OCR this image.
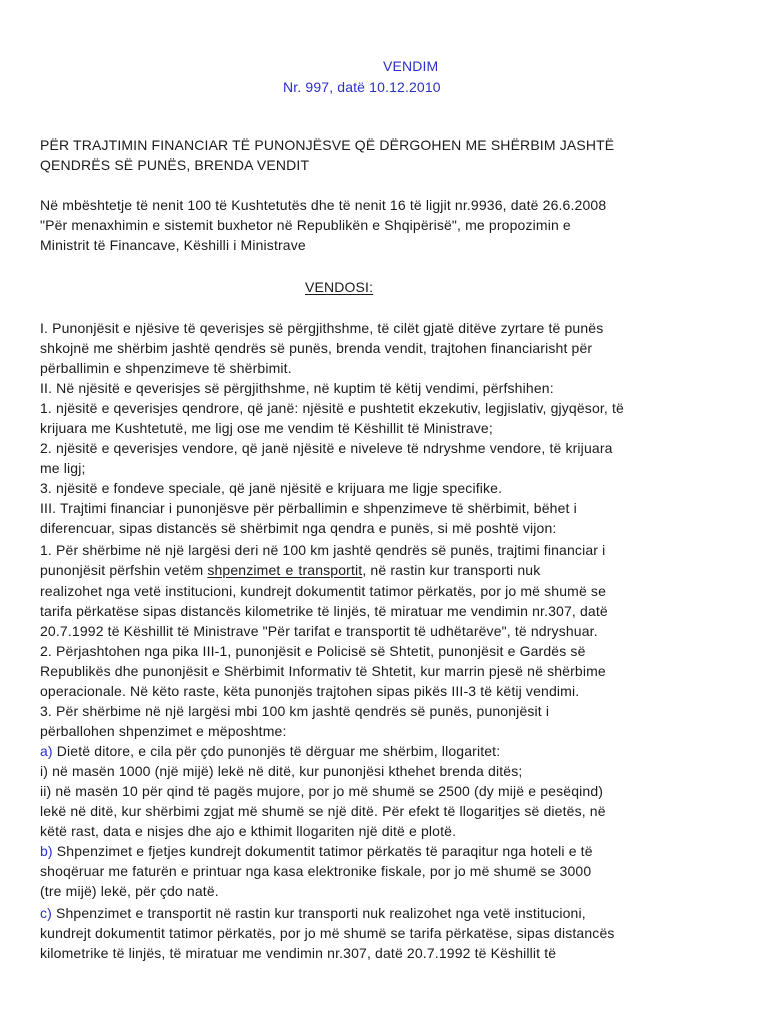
VENDIM
Nr. 997, datë 10.12.2010
PËR TRAJTIMIN FINANCIAR TË PUNONJËSVE QË DËRGOHEN ME SHËRBIM JASHTË
QENDRËS SË PUNËS, BRENDA VENDIT
Në mbështetje të nenit 100 të Kushtetutës dhe të nenit 16 të ligjit nr.9936, datë 26.6.2008
"Për menaxhimin e sistemit buxhetor në Republikën e Shqipërisë", me propozimin e
Ministrit të Financave, Këshilli i Ministrave
VENDOSI:
I. Punonjësit e njësive të qeverisjes së përgjithshme, të cilët gjatë ditëve zyrtare të punës
shkojnë me shërbim jashtë qendrës së punës, brenda vendit, trajtohen financiarisht për
përballimin e shpenzimeve të shërbimit.
II. Në njësitë e qeverisjes së përgjithshme, në kuptim të këtij vendimi, përfshihen:
1. njësitë e qeverisjes qendrore, që janë: njësitë e pushtetit ekzekutiv, legjislativ, gjyqësor, të
krijuara me Kushtetutë, me ligj ose me vendim të Këshillit të Ministrave;
2. njësitë e qeverisjes vendore, që janë njësitë e niveleve të ndryshme vendore, të krijuara
me ligj;
3. njësitë e fondeve speciale, që janë njësitë e krijuara me ligje specifike.
III. Trajtimi financiar i punonjësve për përballimin e shpenzimeve të shërbimit, bëhet i
diferencuar, sipas distancës së shërbimit nga qendra e punës, si më poshtë vijon:
1. Për shërbime në një largësi deri në 100 km jashtë qendrës së punës, trajtimi financiar i
punonjësit përfshin vetëm shpenzimet e transportit, në rastin kur transporti nuk
realizohet nga vetë institucioni, kundrejt dokumentit tatimor përkatës, por jo më shumë se
tarifa përkatëse sipas distancës kilometrike të linjës, të miratuar me vendimin nr.307, datë
20.7.1992 të Këshillit të Ministrave "Për tarifat e transportit të udhëtarëve", të ndryshuar.
2. Përjashtohen nga pika III-1, punonjësit e Policisë së Shtetit, punonjësit e Gardës së
Republikës dhe punonjësit e Shërbimit Informativ të Shtetit, kur marrin pjesë në shërbime
operacionale. Në këto raste, këta punonjës trajtohen sipas pikës III-3 të këtij vendimi.
3. Për shërbime në një largësi mbi 100 km jashtë qendrës së punës, punonjësit i
përballohen shpenzimet e mëposhtme:
a) Dietë ditore, e cila për çdo punonjës të dërguar me shërbim, llogaritet:
i) në masën 1000 (një mijë) lekë në ditë, kur punonjësi kthehet brenda ditës;
ii) në masën 10 për qind të pagës mujore, por jo më shumë se 2500 (dy mijë e pesëqind)
lekë në ditë, kur shërbimi zgjat më shumë se një ditë. Për efekt të llogaritjes së dietës, në
këtë rast, data e nisjes dhe ajo e kthimit llogariten një ditë e plotë.
b) Shpenzimet e fjetjes kundrejt dokumentit tatimor përkatës të paraqitur nga hoteli e të
shoqëruar me faturën e printuar nga kasa elektronike fiskale, por jo më shumë se 3000
(tre mijë) lekë, për çdo natë.
c) Shpenzimet e transportit në rastin kur transporti nuk realizohet nga vetë institucioni,
kundrejt dokumentit tatimor përkatës, por jo më shumë se tarifa përkatëse, sipas distancës
kilometrike të linjës, të miratuar me vendimin nr.307, datë 20.7.1992 të Këshillit të
